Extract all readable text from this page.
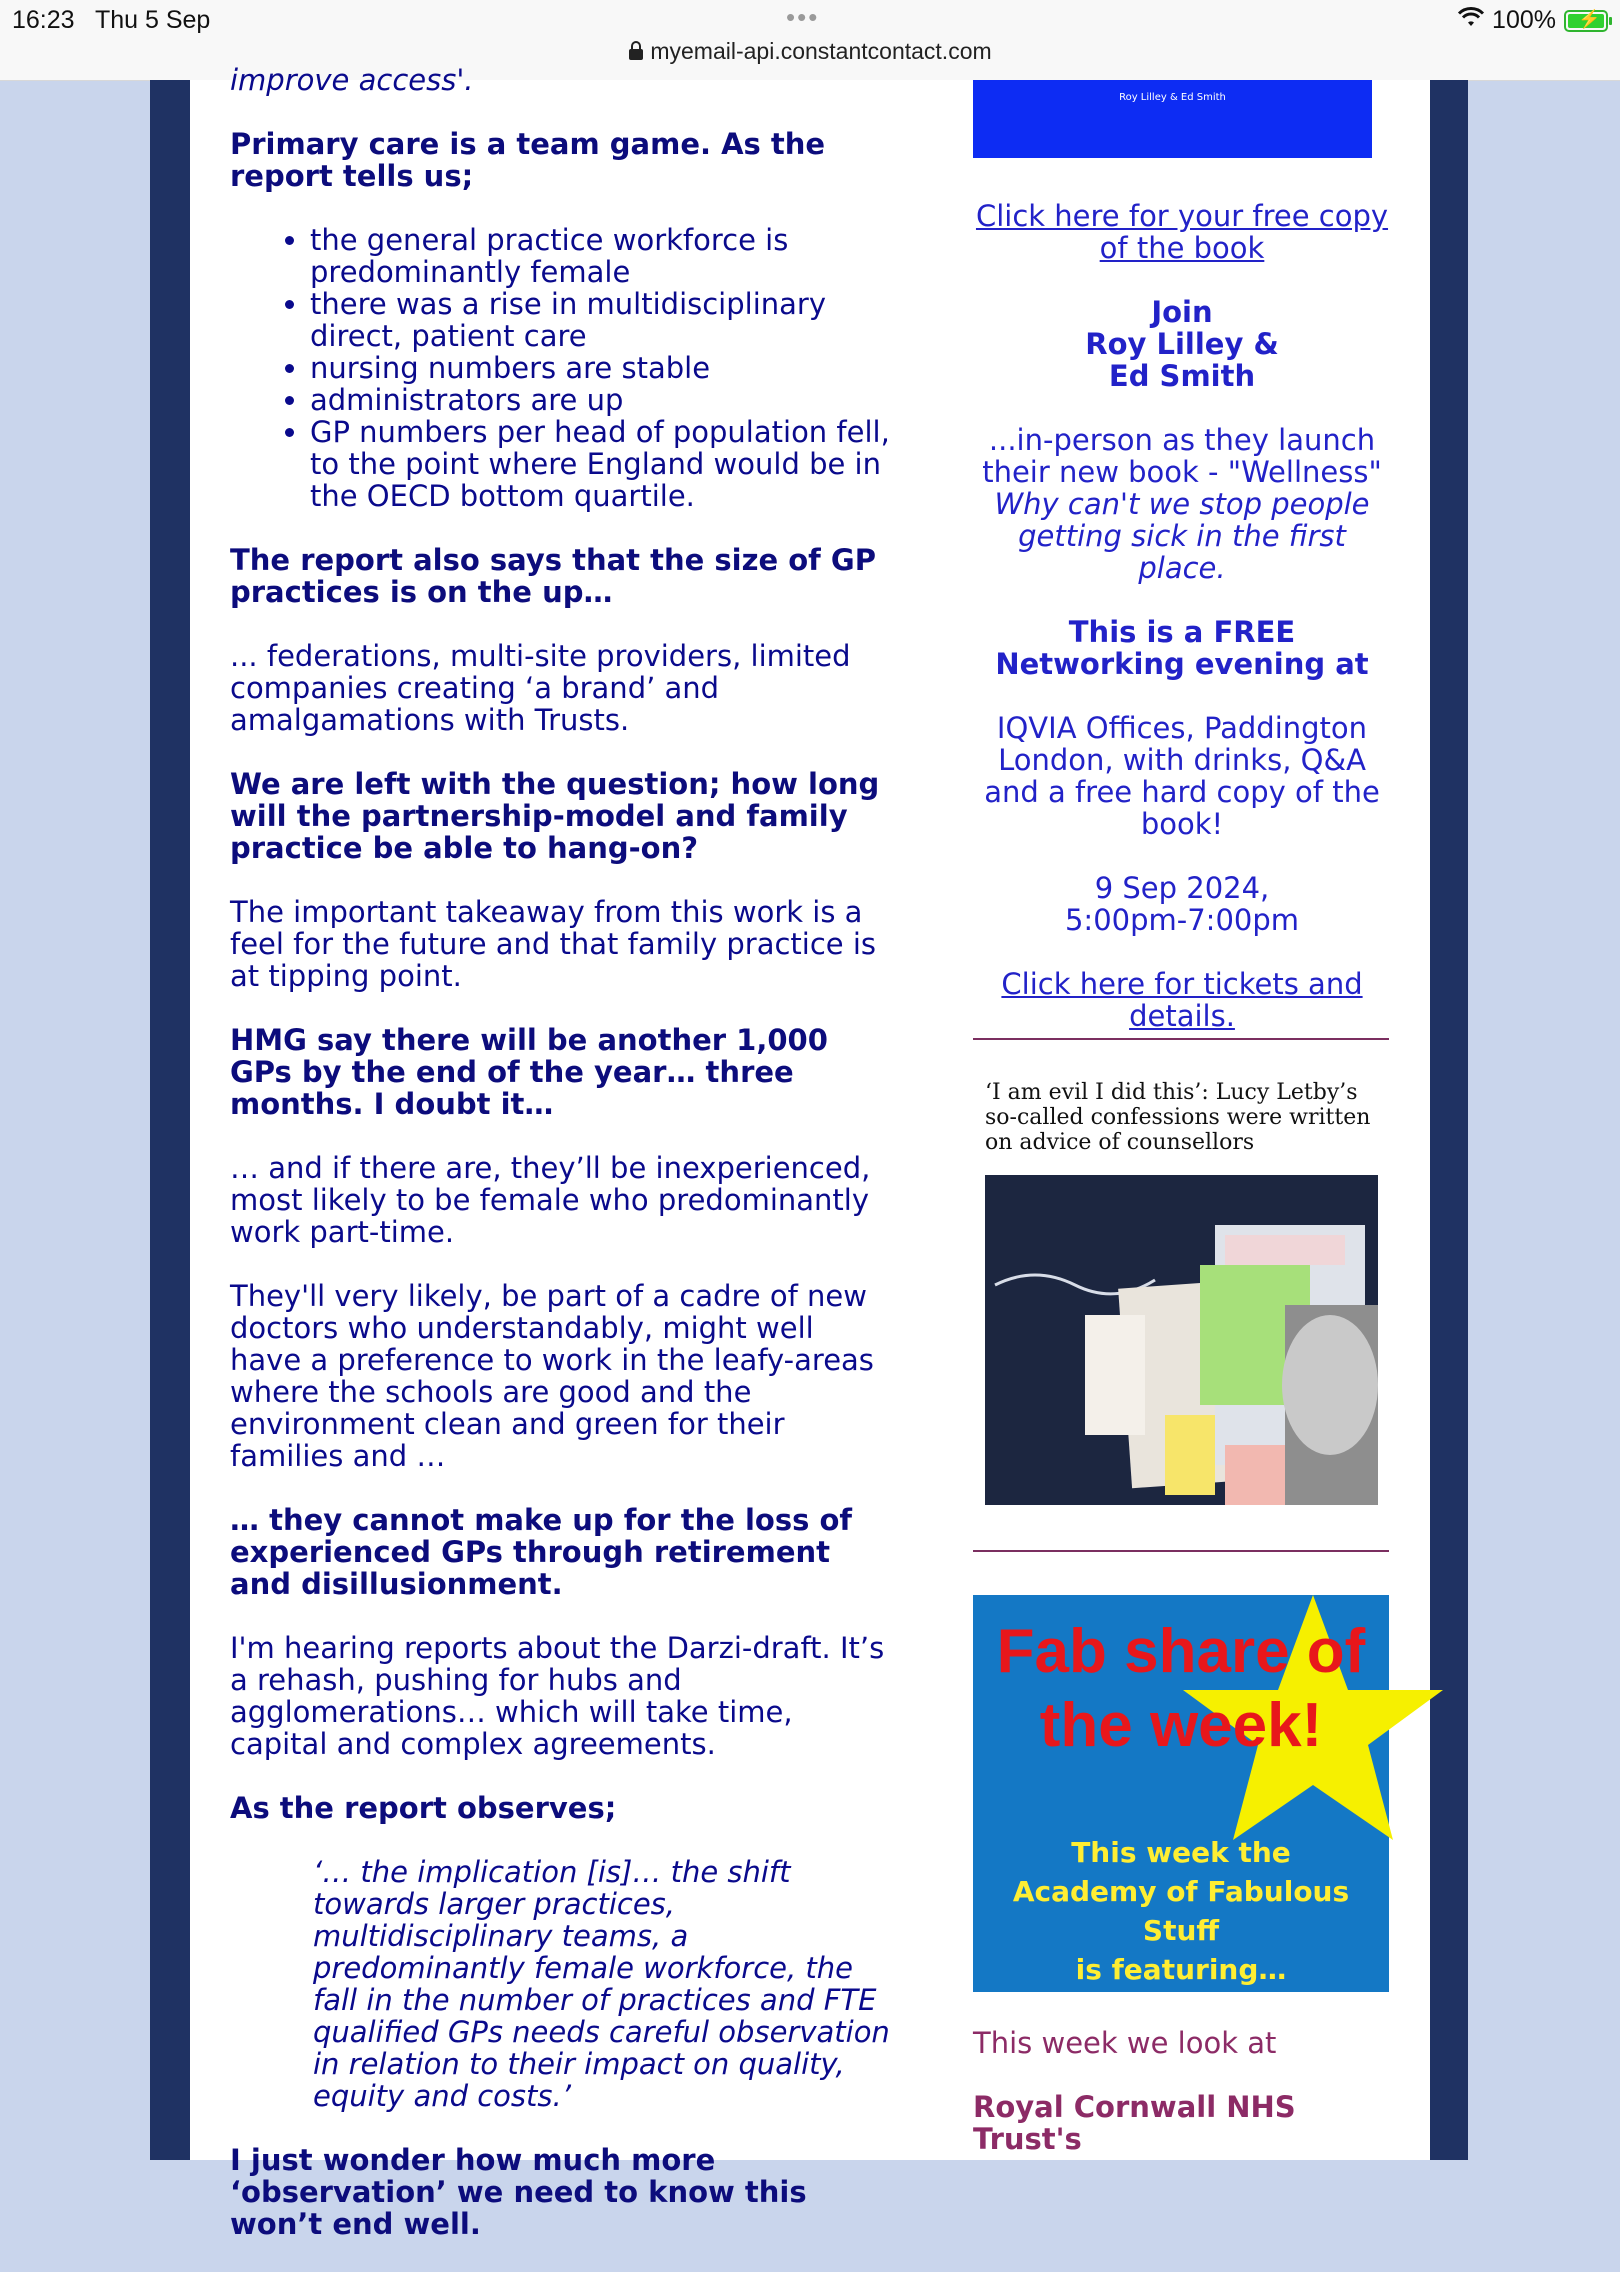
16:23 Thu 5 Sep	•••
myemail-api.constantcontact.com
100% ⚡

improve access'.

Primary care is a team game. As the report tells us;

• the general practice workforce is predominantly female
• there was a rise in multidisciplinary direct, patient care
• nursing numbers are stable
• administrators are up
• GP numbers per head of population fell, to the point where England would be in the OECD bottom quartile.

The report also says that the size of GP practices is on the up…

... federations, multi-site providers, limited companies creating ‘a brand’ and amalgamations with Trusts.

We are left with the question; how long will the partnership-model and family practice be able to hang-on?

The important takeaway from this work is a feel for the future and that family practice is at tipping point.

HMG say there will be another 1,000 GPs by the end of the year… three months. I doubt it…

… and if there are, they’ll be inexperienced, most likely to be female who predominantly work part-time.

They'll very likely, be part of a cadre of new doctors who understandably, might well have a preference to work in the leafy-areas where the schools are good and the environment clean and green for their families and …

… they cannot make up for the loss of experienced GPs through retirement and disillusionment.

I'm hearing reports about the Darzi-draft. It’s a rehash, pushing for hubs and agglomerations… which will take time, capital and complex agreements.

As the report observes;

‘… the implication [is]… the shift towards larger practices, multidisciplinary teams, a predominantly female workforce, the fall in the number of practices and FTE qualified GPs needs careful observation in relation to their impact on quality, equity and costs.’

I just wonder how much more ‘observation’ we need to know this won’t end well.

Roy Lilley & Ed Smith

Click here for your free copy of the book

Join
Roy Lilley &
Ed Smith

...in-person as they launch their new book - "Wellness"
Why can't we stop people getting sick in the first place.

This is a FREE Networking evening at

IQVIA Offices, Paddington London, with drinks, Q&A and a free hard copy of the book!

9 Sep 2024,
5:00pm-7:00pm

Click here for tickets and details.

‘I am evil I did this’: Lucy Letby’s so-called confessions were written on advice of counsellors

Fab share of the week!
This week the
Academy of Fabulous
Stuff
is featuring…

This week we look at

Royal Cornwall NHS Trust's
